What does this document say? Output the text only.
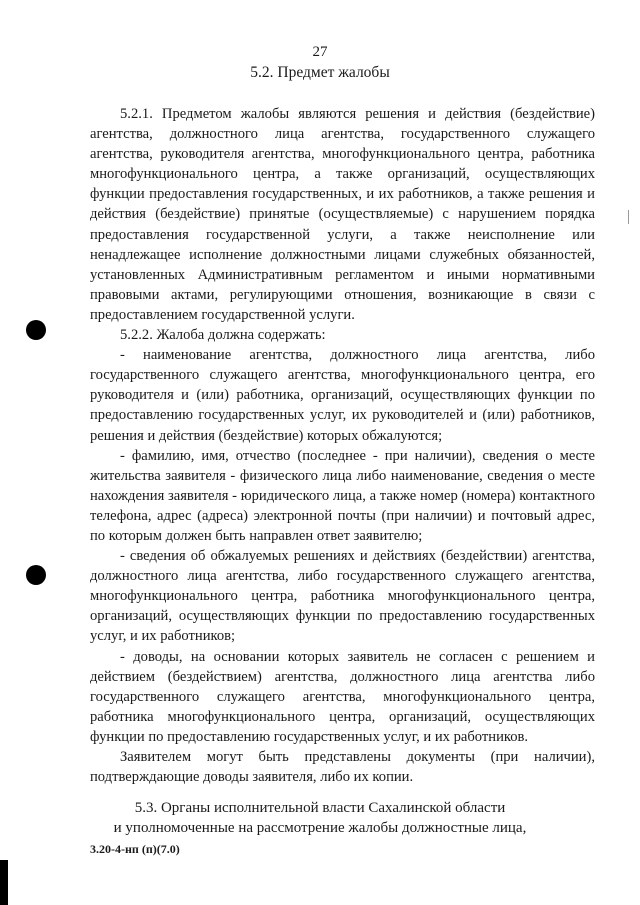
27
5.2. Предмет жалобы

5.2.1. Предметом жалобы являются решения и действия (бездействие) агентства, должностного лица агентства, государственного служащего агентства, руководителя агентства, многофункционального центра, работника многофункционального центра, а также организаций, осуществляющих функции предоставления государственных, и их работников, а также решения и действия (бездействие) принятые (осуществляемые) с нарушением порядка предоставления государственной услуги, а также неисполнение или ненадлежащее исполнение должностными лицами служебных обязанностей, установленных Административным регламентом и иными нормативными правовыми актами, регулирующими отношения, возникающие в связи с предоставлением государственной услуги.

5.2.2. Жалоба должна содержать:

- наименование агентства, должностного лица агентства, либо государственного служащего агентства, многофункционального центра, его руководителя и (или) работника, организаций, осуществляющих функции по предоставлению государственных услуг, их руководителей и (или) работников, решения и действия (бездействие) которых обжалуются;

- фамилию, имя, отчество (последнее - при наличии), сведения о месте жительства заявителя - физического лица либо наименование, сведения о месте нахождения заявителя - юридического лица, а также номер (номера) контактного телефона, адрес (адреса) электронной почты (при наличии) и почтовый адрес, по которым должен быть направлен ответ заявителю;

- сведения об обжалуемых решениях и действиях (бездействии) агентства, должностного лица агентства, либо государственного служащего агентства, многофункционального центра, работника многофункционального центра, организаций, осуществляющих функции по предоставлению государственных услуг, и их работников;

- доводы, на основании которых заявитель не согласен с решением и действием (бездействием) агентства, должностного лица агентства либо государственного служащего агентства, многофункционального центра, работника многофункционального центра, организаций, осуществляющих функции по предоставлению государственных услуг, и их работников.

Заявителем могут быть представлены документы (при наличии), подтверждающие доводы заявителя, либо их копии.

5.3. Органы исполнительной власти Сахалинской области
и уполномоченные на рассмотрение жалобы должностные лица,
3.20-4-нп (п)(7.0)
